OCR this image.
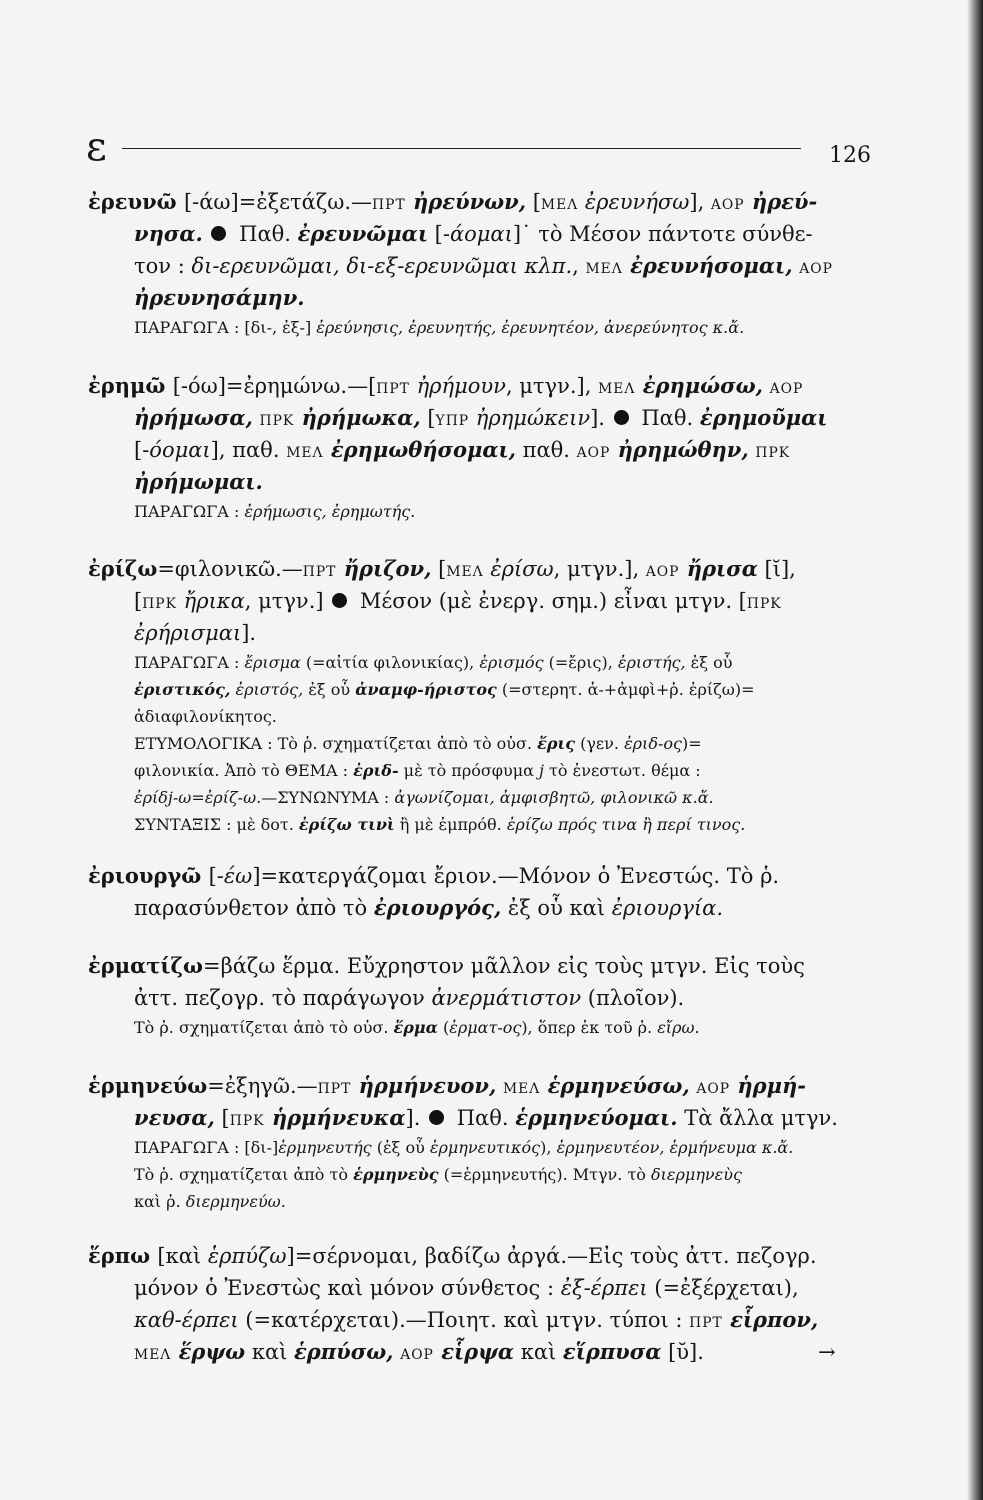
ε	126
ἐρευνῶ [-άω]=ἐξετάζω.—ΠΡΤ ἠρεύνων, [ΜΕΛ ἐρευνήσω], ΑΟΡ ἠρεύ-
νησα.  Παθ. ἐρευνῶμαι [-άομαι]˙ τὸ Μέσον πάντοτε σύνθε-
τον : δι-ερευνῶμαι, δι-εξ-ερευνῶμαι κλπ., ΜΕΛ ἐρευνήσομαι, ΑΟΡ
ἠρευνησάμην.
ΠΑΡΑΓΩΓΑ : [δι-, ἐξ-] ἐρεύνησις, ἐρευνητής, ἐρευνητέον, ἀνερεύνητος κ.ἄ.
ἐρημῶ [-όω]=ἐρημώνω.—[ΠΡΤ ἠρήμουν, μτγν.], ΜΕΛ ἐρημώσω, ΑΟΡ
ἠρήμωσα, ΠΡΚ ἠρήμωκα, [ΥΠΡ ἠρημώκειν].  Παθ. ἐρημοῦμαι
[-όομαι], παθ. ΜΕΛ ἐρημωθήσομαι, παθ. ΑΟΡ ἠρημώθην, ΠΡΚ
ἠρήμωμαι.
ΠΑΡΑΓΩΓΑ : ἐρήμωσις, ἐρημωτής.
ἐρίζω=φιλονικῶ.—ΠΡΤ ἤριζον, [ΜΕΛ ἐρίσω, μτγν.], ΑΟΡ ἤρισα [ῐ],
[ΠΡΚ ἤρικα, μτγν.]  Μέσον (μὲ ἐνεργ. σημ.) εἶναι μτγν. [ΠΡΚ
ἐρήρισμαι].
ΠΑΡΑΓΩΓΑ : ἔρισμα (=αἰτία φιλονικίας), ἐρισμός (=ἔρις), ἐριστής, ἐξ οὗ
ἐριστικός, ἐριστός, ἐξ οὗ ἀναμφ-ήριστος (=στερητ. ἀ-+ἀμφὶ+ῥ. ἐρίζω)=
ἀδιαφιλονίκητος.
ΕΤΥΜΟΛΟΓΙΚΑ : Τὸ ῥ. σχηματίζεται ἀπὸ τὸ οὐσ. ἔρις (γεν. ἐριδ-ος)=
φιλονικία. Ἀπὸ τὸ ΘΕΜΑ : ἐριδ- μὲ τὸ πρόσφυμα j τὸ ἐνεστωτ. θέμα :
ἐρίδj-ω=ἐρίζ-ω.—ΣΥΝΩΝΥΜΑ : ἀγωνίζομαι, ἀμφισβητῶ, φιλονικῶ κ.ἄ.
ΣΥΝΤΑΞΙΣ : μὲ δοτ. ἐρίζω τινὶ ἢ μὲ ἐμπρόθ. ἐρίζω πρός τινα ἢ περί τινος.
ἐριουργῶ [-έω]=κατεργάζομαι ἔριον.—Μόνον ὁ Ἐνεστώς. Τὸ ῥ.
παρασύνθετον ἀπὸ τὸ ἐριουργός, ἐξ οὗ καὶ ἐριουργία.
ἐρματίζω=βάζω ἕρμα. Εὔχρηστον μᾶλλον εἰς τοὺς μτγν. Εἰς τοὺς
ἀττ. πεζογρ. τὸ παράγωγον ἀνερμάτιστον (πλοῖον).
Τὸ ῥ. σχηματίζεται ἀπὸ τὸ οὐσ. ἕρμα (ἑρματ-ος), ὅπερ ἐκ τοῦ ῥ. εἴρω.
ἑρμηνεύω=ἐξηγῶ.—ΠΡΤ ἡρμήνευον, ΜΕΛ ἑρμηνεύσω, ΑΟΡ ἡρμή-
νευσα, [ΠΡΚ ἡρμήνευκα].  Παθ. ἑρμηνεύομαι. Τὰ ἄλλα μτγν.
ΠΑΡΑΓΩΓΑ : [δι-]ἑρμηνευτής (ἐξ οὗ ἑρμηνευτικός), ἑρμηνευτέον, ἑρμήνευμα κ.ἄ.
Τὸ ῥ. σχηματίζεται ἀπὸ τὸ ἑρμηνεὺς (=ἑρμηνευτής). Μτγν. τὸ διερμηνεὺς
καὶ ῥ. διερμηνεύω.
ἕρπω [καὶ ἑρπύζω]=σέρνομαι, βαδίζω ἀργά.—Εἰς τοὺς ἀττ. πεζογρ.
μόνον ὁ Ἐνεστὼς καὶ μόνον σύνθετος : ἐξ-έρπει (=ἐξέρχεται),
καθ-έρπει (=κατέρχεται).—Ποιητ. καὶ μτγν. τύποι : ΠΡΤ εἷρπον,
ΜΕΛ ἕρψω καὶ ἑρπύσω, ΑΟΡ εἷρψα καὶ εἵρπυσα [ῠ].	→
